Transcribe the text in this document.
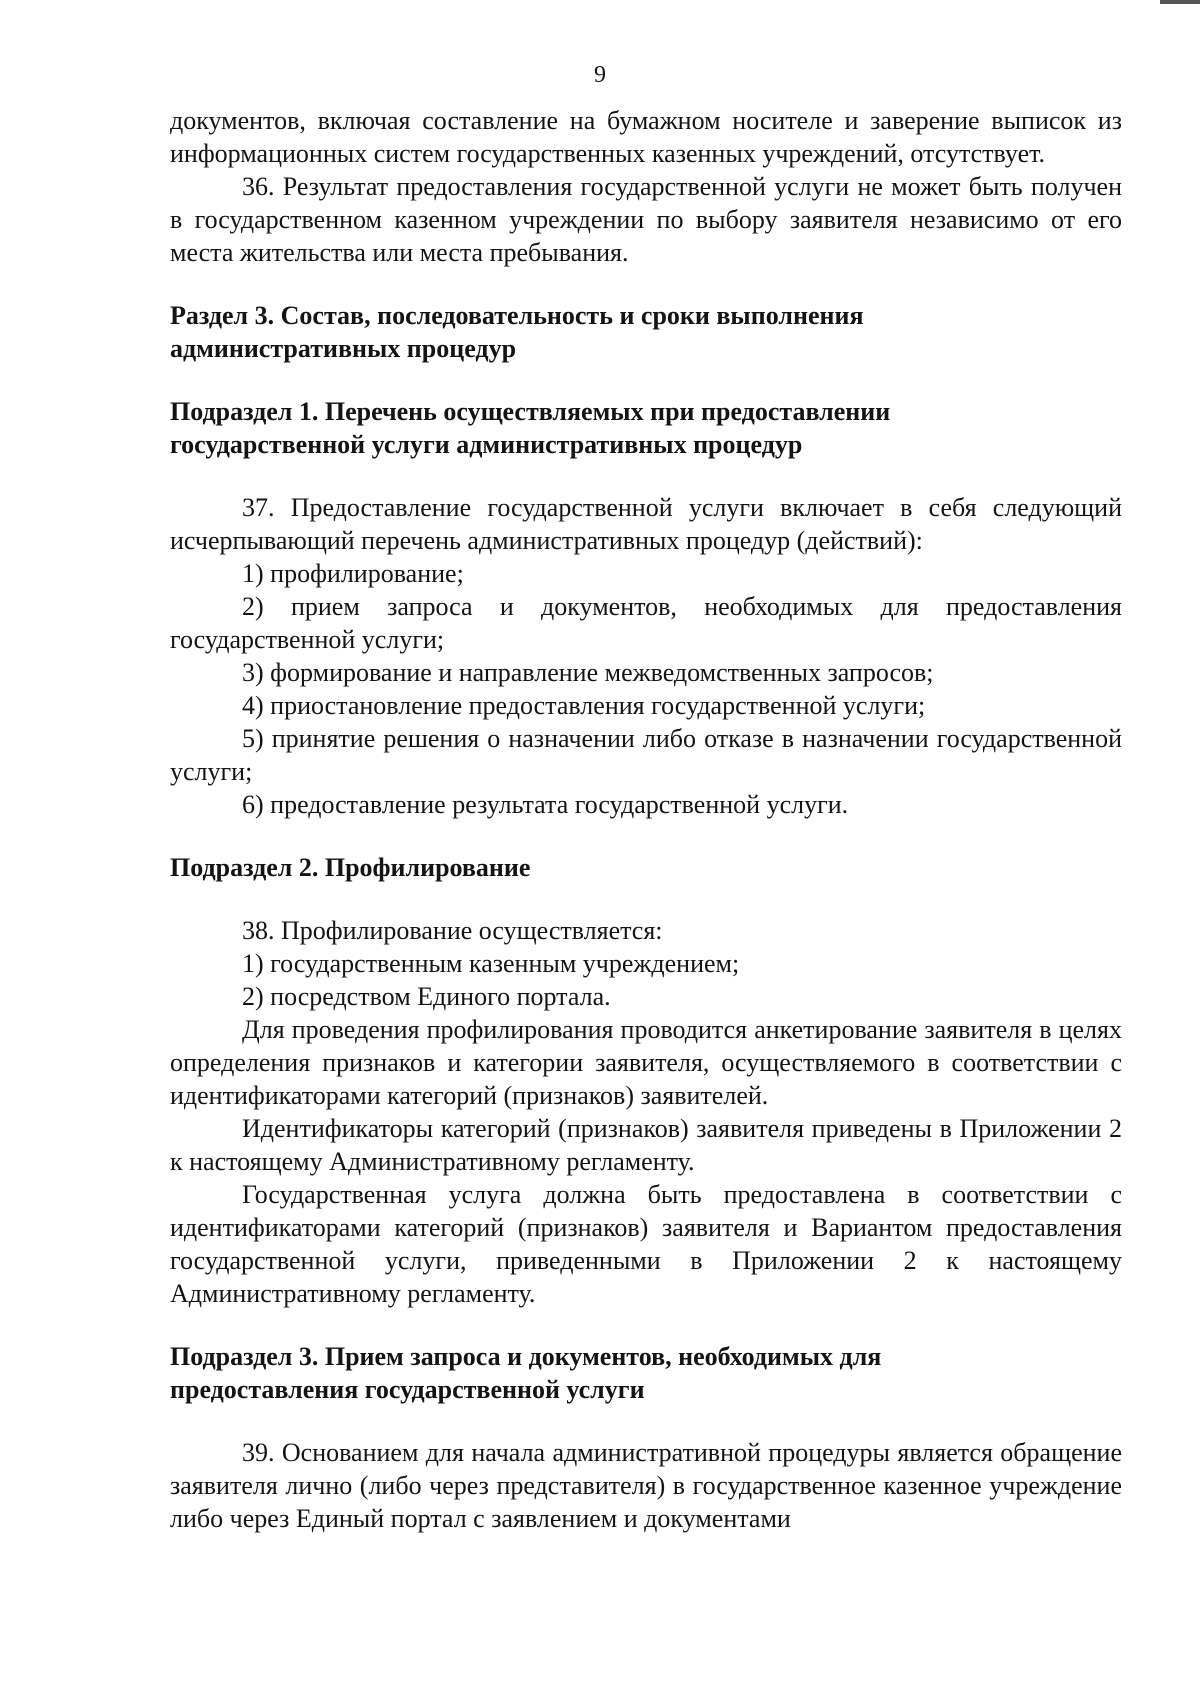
9

документов, включая составление на бумажном носителе и заверение выписок из информационных систем государственных казенных учреждений, отсутствует.

36. Результат предоставления государственной услуги не может быть получен в государственном казенном учреждении по выбору заявителя независимо от его места жительства или места пребывания.

Раздел 3. Состав, последовательность и сроки выполнения

административных процедур

Подраздел 1. Перечень осуществляемых при предоставлении

государственной услуги административных процедур

37. Предоставление государственной услуги включает в себя следующий исчерпывающий перечень административных процедур (действий):

1) профилирование;

2) прием запроса и документов, необходимых для предоставления государственной услуги;

3) формирование и направление межведомственных запросов;

4) приостановление предоставления государственной услуги;

5) принятие решения о назначении либо отказе в назначении государственной услуги;

6) предоставление результата государственной услуги.

Подраздел 2. Профилирование

38. Профилирование осуществляется:

1) государственным казенным учреждением;

2) посредством Единого портала.

Для проведения профилирования проводится анкетирование заявителя в целях определения признаков и категории заявителя, осуществляемого в соответствии с идентификаторами категорий (признаков) заявителей.

Идентификаторы категорий (признаков) заявителя приведены в Приложении 2 к настоящему Административному регламенту.

Государственная услуга должна быть предоставлена в соответствии с идентификаторами категорий (признаков) заявителя и Вариантом предоставления государственной услуги, приведенными в Приложении 2 к настоящему Административному регламенту.

Подраздел 3. Прием запроса и документов, необходимых для

предоставления государственной услуги

39. Основанием для начала административной процедуры является обращение заявителя лично (либо через представителя) в государственное казенное учреждение либо через Единый портал с заявлением и документами
